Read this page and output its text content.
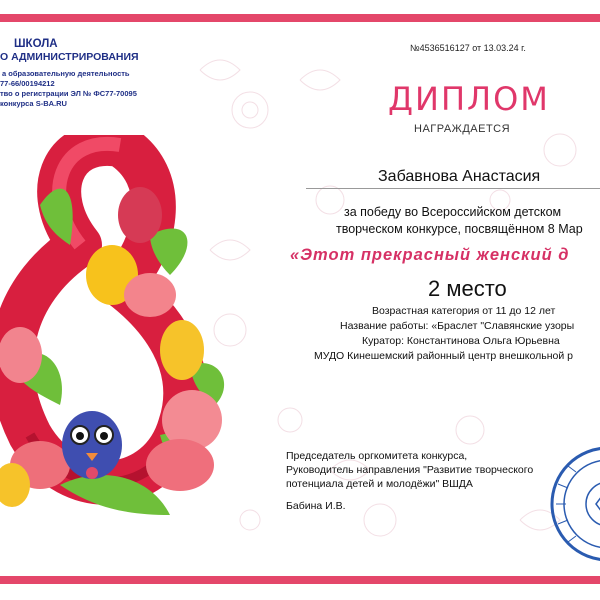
ШКОЛА
О АДМИНИСТРИРОВАНИЯ
а образовательную деятельность
77-66/00194212
тво о регистрации ЭЛ № ФС77-70095
конкурса S-BA.RU
№4536516127 от 13.03.24 г.
ДИПЛОМ
НАГРАЖДАЕТСЯ
Забавнова Анастасия
за победу во Всероссийском детском
творческом конкурсе, посвящённом 8 Мар
«Этот прекрасный женский д
2 место
Возрастная категория от 11 до 12 лет
Название работы: «Браслет "Славянские узоры
Куратор: Константинова Ольга Юрьевна
МУДО Кинешемский районный центр внешкольной р
Председатель оргкомитета конкурса,
Руководитель направления "Развитие творческого
потенциала детей и молодёжи" ВШДА
Бабина И.В.
